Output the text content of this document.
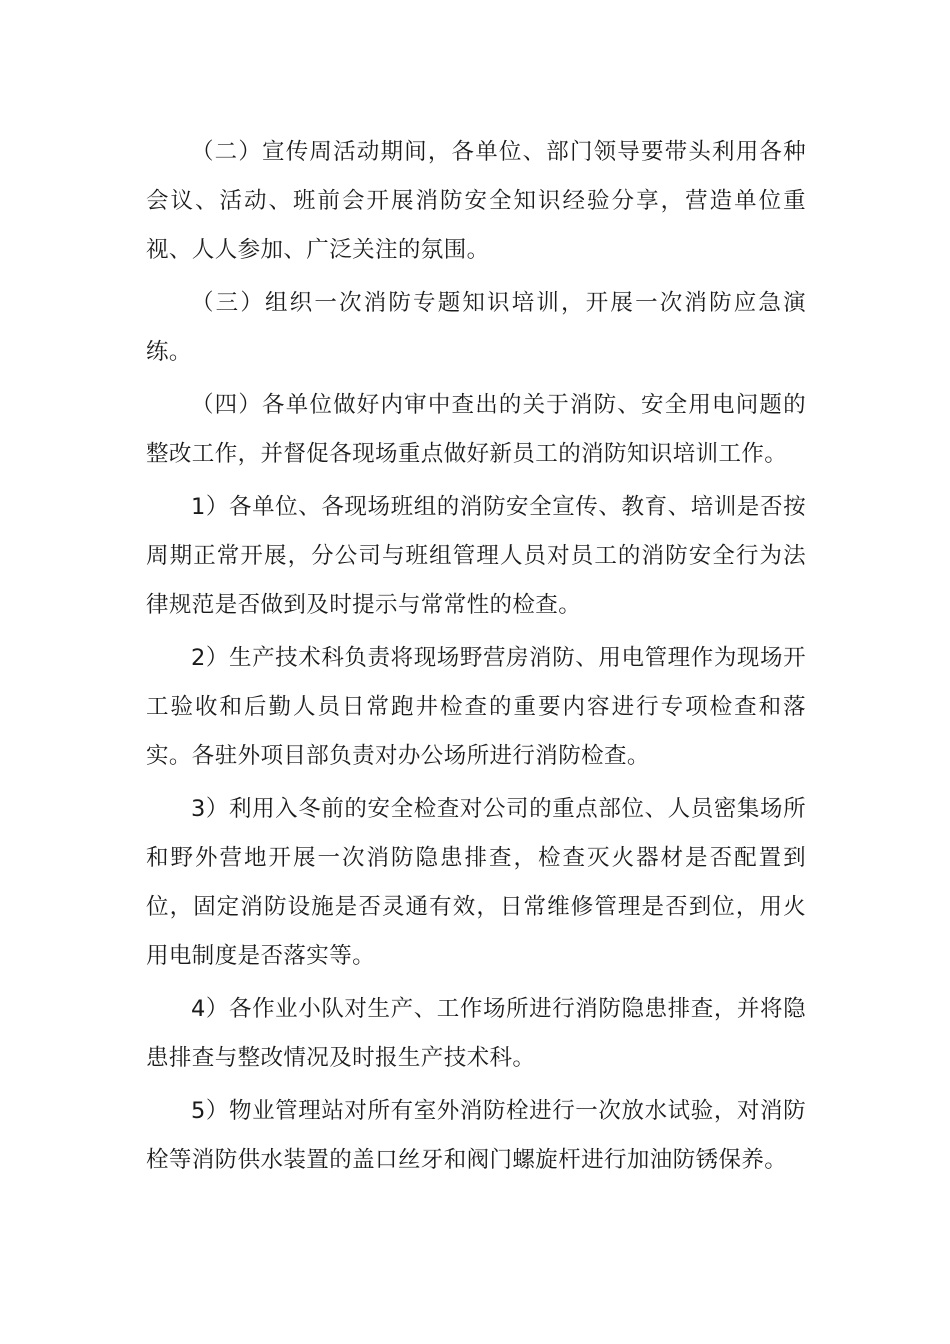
（二）宣传周活动期间，各单位、部门领导要带头利用各种会议、活动、班前会开展消防安全知识经验分享，营造单位重视、人人参加、广泛关注的氛围。

（三）组织一次消防专题知识培训，开展一次消防应急演练。

（四）各单位做好内审中查出的关于消防、安全用电问题的整改工作，并督促各现场重点做好新员工的消防知识培训工作。

1）各单位、各现场班组的消防安全宣传、教育、培训是否按周期正常开展，分公司与班组管理人员对员工的消防安全行为法律规范是否做到及时提示与常常性的检查。

2）生产技术科负责将现场野营房消防、用电管理作为现场开工验收和后勤人员日常跑井检查的重要内容进行专项检查和落实。各驻外项目部负责对办公场所进行消防检查。

3）利用入冬前的安全检查对公司的重点部位、人员密集场所和野外营地开展一次消防隐患排查，检查灭火器材是否配置到位，固定消防设施是否灵通有效，日常维修管理是否到位，用火用电制度是否落实等。

4）各作业小队对生产、工作场所进行消防隐患排查，并将隐患排查与整改情况及时报生产技术科。

5）物业管理站对所有室外消防栓进行一次放水试验，对消防栓等消防供水装置的盖口丝牙和阀门螺旋杆进行加油防锈保养。
